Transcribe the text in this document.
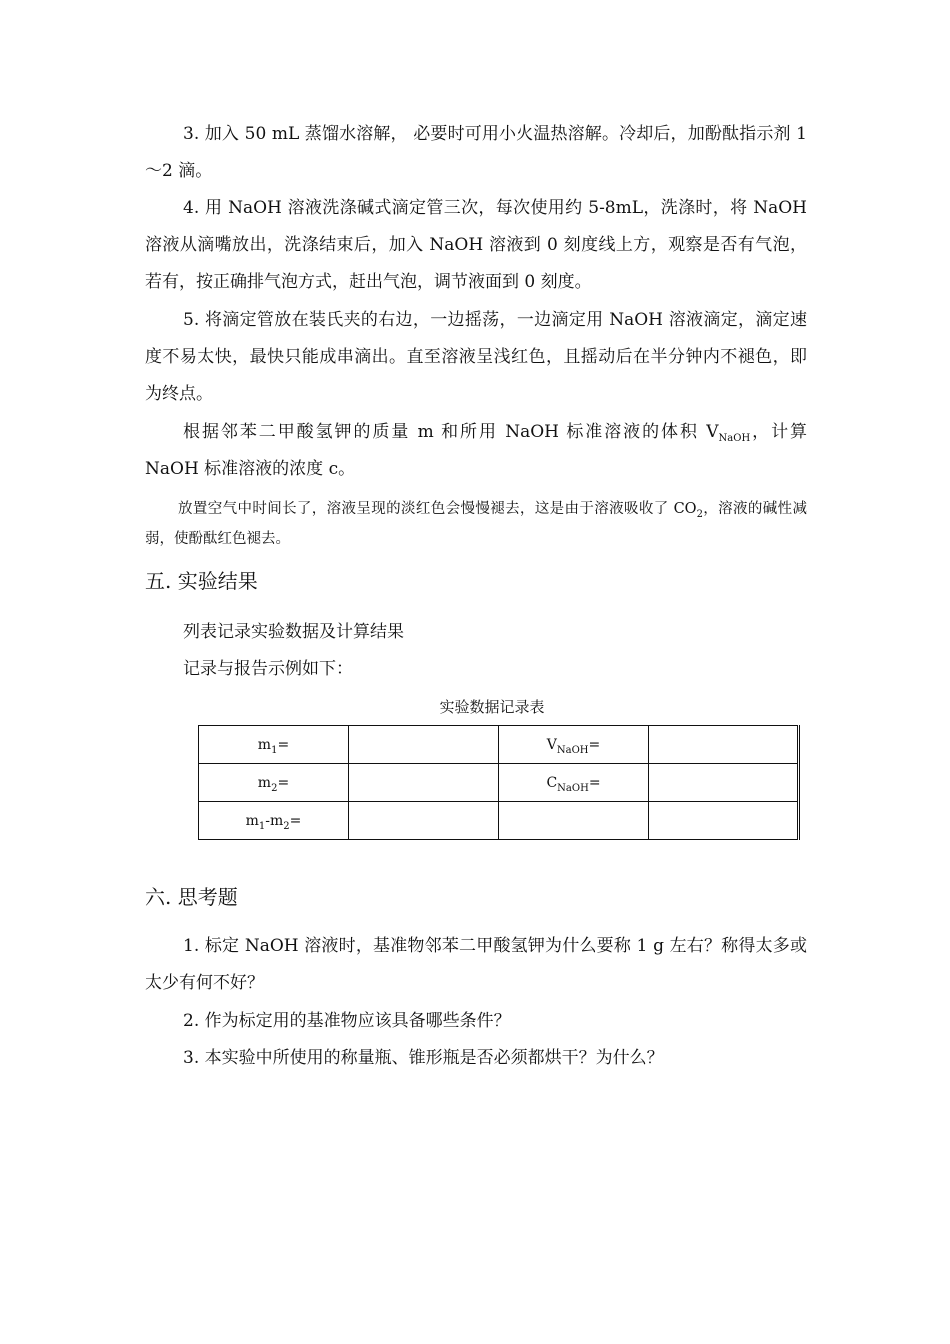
3. 加入 50 mL 蒸馏水溶解， 必要时可用小火温热溶解。冷却后，加酚酞指示剂 1～2 滴。

4. 用 NaOH 溶液洗涤碱式滴定管三次，每次使用约 5-8mL，洗涤时，将 NaOH 溶液从滴嘴放出，洗涤结束后，加入 NaOH 溶液到 0 刻度线上方，观察是否有气泡，若有，按正确排气泡方式，赶出气泡，调节液面到 0 刻度。

5. 将滴定管放在装氏夹的右边，一边摇荡，一边滴定用 NaOH 溶液滴定，滴定速度不易太快，最快只能成串滴出。直至溶液呈浅红色，且摇动后在半分钟内不褪色，即为终点。

根据邻苯二甲酸氢钾的质量 m 和所用 NaOH 标准溶液的体积 $V_{NaOH}$，计算 NaOH 标准溶液的浓度 c。

放置空气中时间长了，溶液呈现的淡红色会慢慢褪去，这是由于溶液吸收了 $CO_2$，溶液的碱性减弱，使酚酞红色褪去。

五. 实验结果

列表记录实验数据及计算结果

记录与报告示例如下：

实验数据记录表

$m_1=$		$V_{NaOH}=$	
$m_2=$		$C_{NaOH}=$	
$m_1-m_2=$			
六. 思考题

1. 标定 NaOH 溶液时，基准物邻苯二甲酸氢钾为什么要称 1 g 左右？称得太多或太少有何不好？

2. 作为标定用的基准物应该具备哪些条件？

3. 本实验中所使用的称量瓶、锥形瓶是否必须都烘干？为什么？
